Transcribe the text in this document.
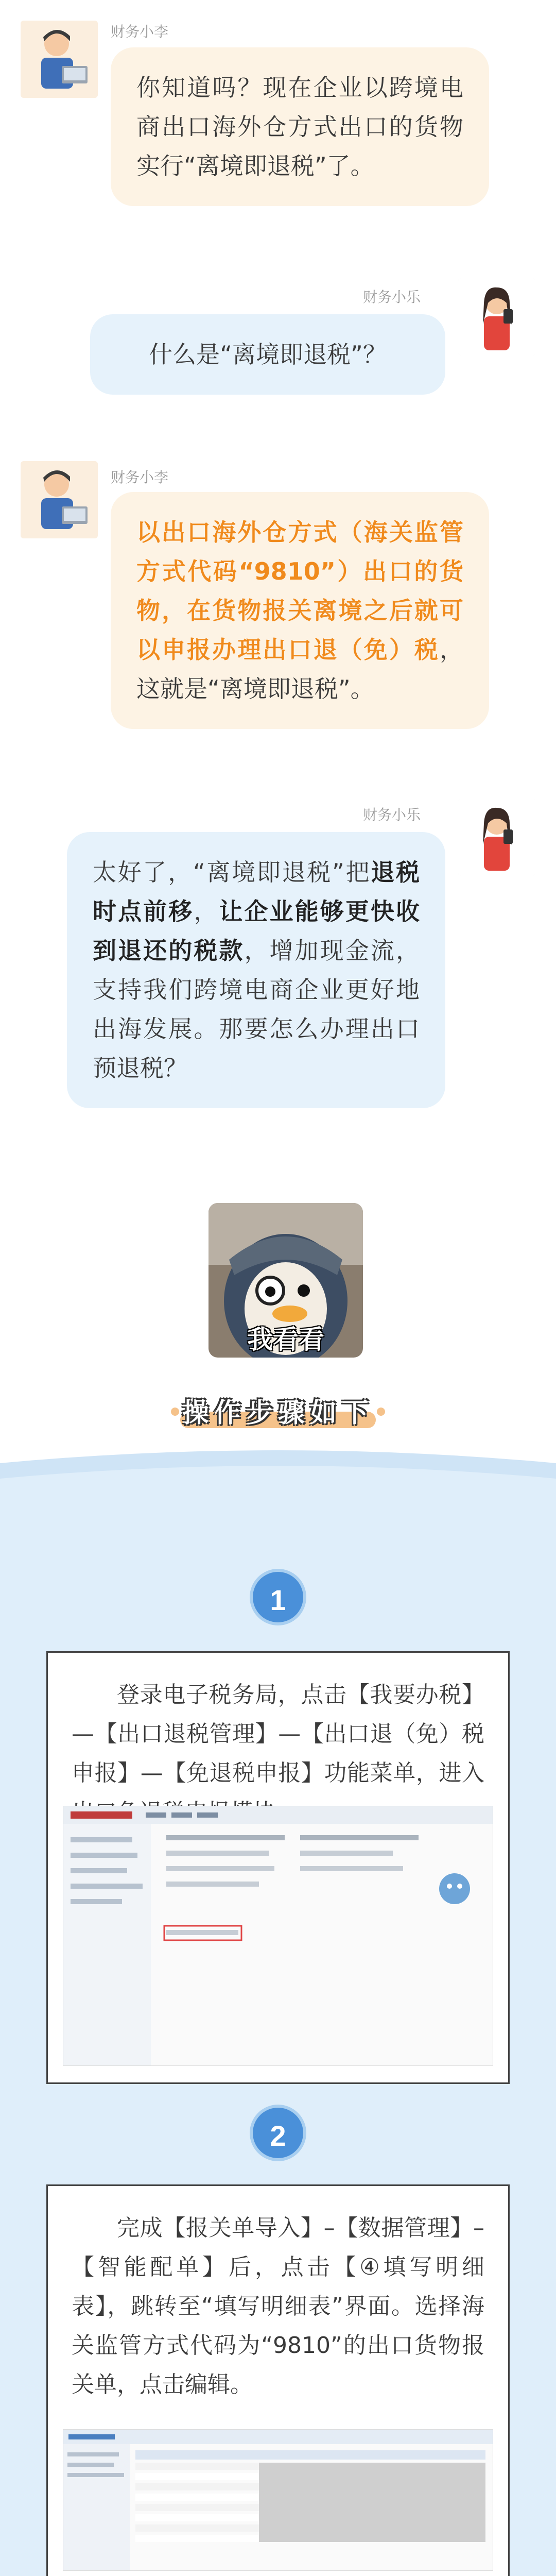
财务小李
你知道吗？现在企业以跨境电商出口海外仓方式出口的货物实行“离境即退税”了。
财务小乐
什么是“离境即退税”？
财务小李
以出口海外仓方式（海关监管方式代码“9810”）出口的货物，在货物报关离境之后就可以申报办理出口退（免）税，这就是“离境即退税”。
财务小乐
太好了，“离境即退税”把退税时点前移，让企业能够更快收到退还的税款，增加现金流，支持我们跨境电商企业更好地出海发展。那要怎么办理出口预退税？
我看看
操作步骤如下
1

登录电子税务局，点击【我要办税】—【出口退税管理】—【出口退（免）税申报】—【免退税申报】功能菜单，进入

2

完成【报关单导入】–【数据管理】–【智能配单】后，点击【④填写明细表】，跳转至“填写明细表”界面。选择海关监管方式代码为“9810”的出口货物报关单，点击编辑。
